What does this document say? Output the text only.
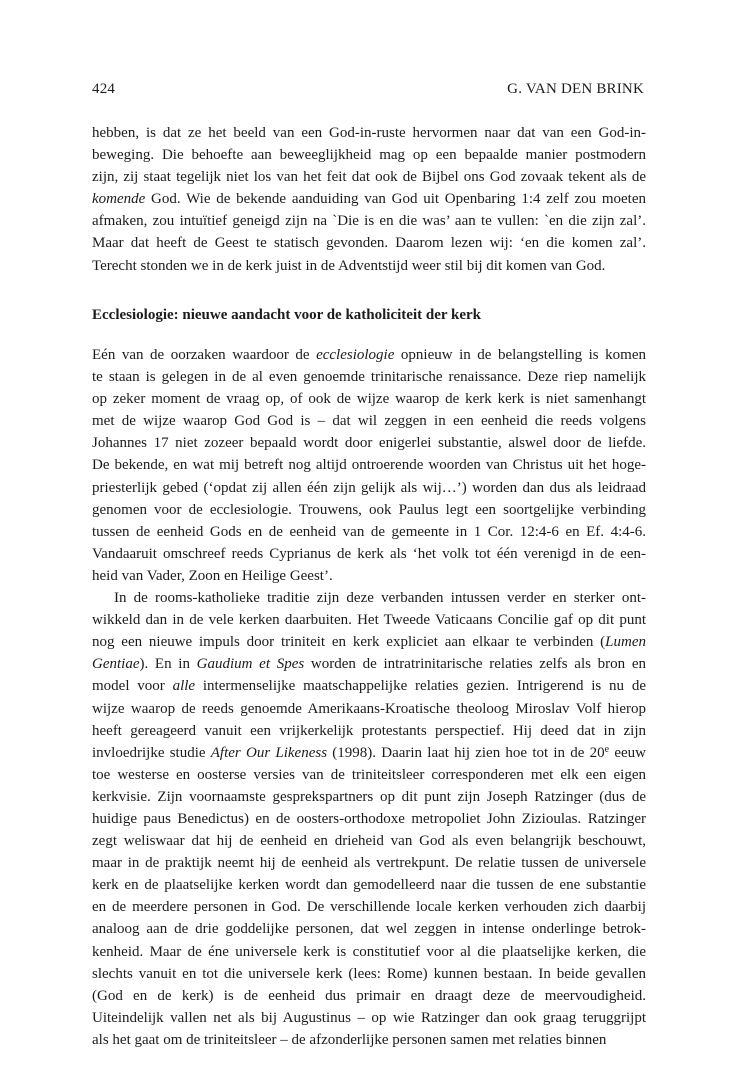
424	G. VAN DEN BRINK
hebben, is dat ze het beeld van een God-in-ruste hervormen naar dat van een God-in-
beweging. Die behoefte aan beweeglijkheid mag op een bepaalde manier postmodern
zijn, zij staat tegelijk niet los van het feit dat ook de Bijbel ons God zovaak tekent als de
komende God. Wie de bekende aanduiding van God uit Openbaring 1:4 zelf zou moeten
afmaken, zou intuïtief geneigd zijn na `Die is en die was’ aan te vullen: `en die zijn zal’.
Maar dat heeft de Geest te statisch gevonden. Daarom lezen wij: ‘en die komen zal’.
Terecht stonden we in de kerk juist in de Adventstijd weer stil bij dit komen van God.
Ecclesiologie: nieuwe aandacht voor de katholiciteit der kerk
Eén van de oorzaken waardoor de ecclesiologie opnieuw in de belangstelling is komen
te staan is gelegen in de al even genoemde trinitarische renaissance. Deze riep namelijk
op zeker moment de vraag op, of ook de wijze waarop de kerk kerk is niet samenhangt
met de wijze waarop God God is – dat wil zeggen in een eenheid die reeds volgens
Johannes 17 niet zozeer bepaald wordt door enigerlei substantie, alswel door de liefde.
De bekende, en wat mij betreft nog altijd ontroerende woorden van Christus uit het hoge-
priesterlijk gebed (‘opdat zij allen één zijn gelijk als wij…’) worden dan dus als leidraad
genomen voor de ecclesiologie. Trouwens, ook Paulus legt een soortgelijke verbinding
tussen de eenheid Gods en de eenheid van de gemeente in 1 Cor. 12:4-6 en Ef. 4:4-6.
Vandaaruit omschreef reeds Cyprianus de kerk als ‘het volk tot één verenigd in de een-
heid van Vader, Zoon en Heilige Geest’.
In de rooms-katholieke traditie zijn deze verbanden intussen verder en sterker ont-
wikkeld dan in de vele kerken daarbuiten. Het Tweede Vaticaans Concilie gaf op dit punt
nog een nieuwe impuls door triniteit en kerk expliciet aan elkaar te verbinden (Lumen
Gentiae). En in Gaudium et Spes worden de intratrinitarische relaties zelfs als bron en
model voor alle intermenselijke maatschappelijke relaties gezien. Intrigerend is nu de
wijze waarop de reeds genoemde Amerikaans-Kroatische theoloog Miroslav Volf hierop
heeft gereageerd vanuit een vrijkerkelijk protestants perspectief. Hij deed dat in zijn
invloedrijke studie After Our Likeness (1998). Daarin laat hij zien hoe tot in de 20e eeuw
toe westerse en oosterse versies van de triniteitsleer corresponderen met elk een eigen
kerkvisie. Zijn voornaamste gesprekspartners op dit punt zijn Joseph Ratzinger (dus de
huidige paus Benedictus) en de oosters-orthodoxe metropoliet John Zizioulas. Ratzinger
zegt weliswaar dat hij de eenheid en drieheid van God als even belangrijk beschouwt,
maar in de praktijk neemt hij de eenheid als vertrekpunt. De relatie tussen de universele
kerk en de plaatselijke kerken wordt dan gemodelleerd naar die tussen de ene substantie
en de meerdere personen in God. De verschillende locale kerken verhouden zich daarbij
analoog aan de drie goddelijke personen, dat wel zeggen in intense onderlinge betrok-
kenheid. Maar de éne universele kerk is constitutief voor al die plaatselijke kerken, die
slechts vanuit en tot die universele kerk (lees: Rome) kunnen bestaan. In beide gevallen
(God en de kerk) is de eenheid dus primair en draagt deze de meervoudigheid.
Uiteindelijk vallen net als bij Augustinus – op wie Ratzinger dan ook graag teruggrijpt
als het gaat om de triniteitsleer – de afzonderlijke personen samen met relaties binnen
